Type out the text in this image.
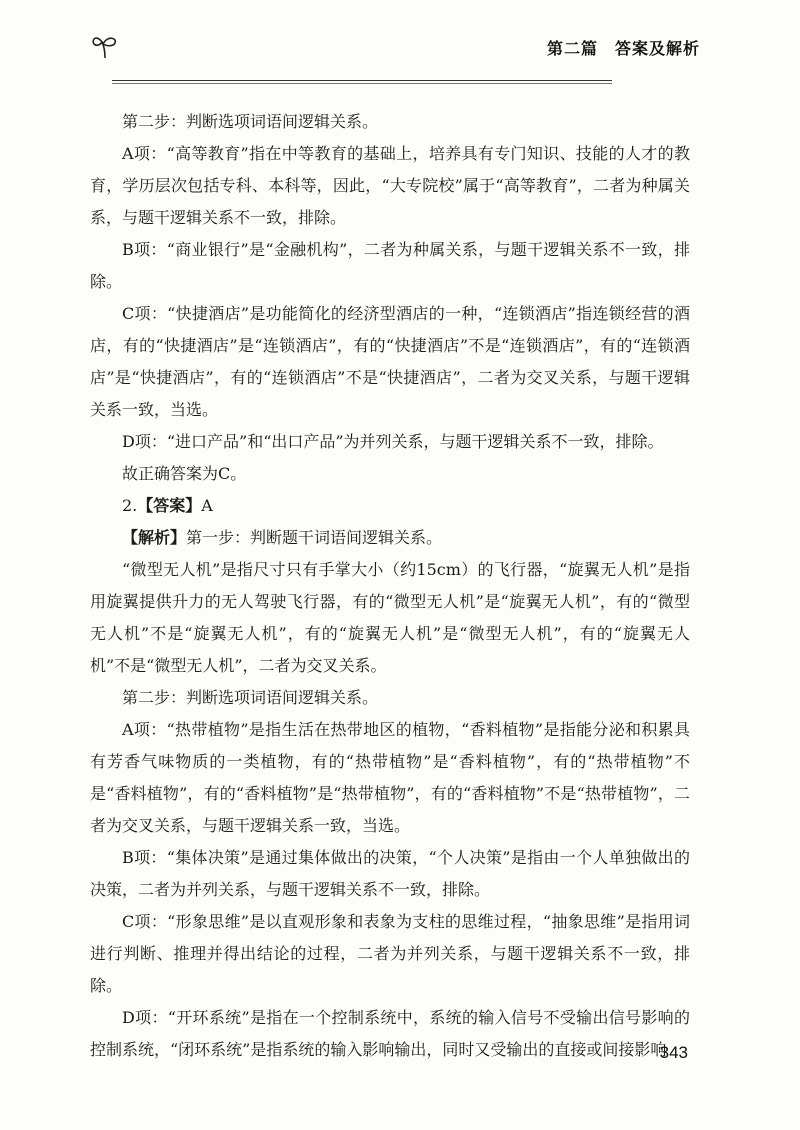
第二篇　答案及解析

第二步：判断选项词语间逻辑关系。

A项：“高等教育”指在中等教育的基础上，培养具有专门知识、技能的人才的教育，学历层次包括专科、本科等，因此，“大专院校”属于“高等教育”，二者为种属关系，与题干逻辑关系不一致，排除。

B项：“商业银行”是“金融机构”，二者为种属关系，与题干逻辑关系不一致，排除。

C项：“快捷酒店”是功能简化的经济型酒店的一种，“连锁酒店”指连锁经营的酒店，有的“快捷酒店”是“连锁酒店”，有的“快捷酒店”不是“连锁酒店”，有的“连锁酒店”是“快捷酒店”，有的“连锁酒店”不是“快捷酒店”，二者为交叉关系，与题干逻辑关系一致，当选。

D项：“进口产品”和“出口产品”为并列关系，与题干逻辑关系不一致，排除。

故正确答案为C。

2.【答案】A

【解析】第一步：判断题干词语间逻辑关系。

“微型无人机”是指尺寸只有手掌大小（约15cm）的飞行器，“旋翼无人机”是指用旋翼提供升力的无人驾驶飞行器，有的“微型无人机”是“旋翼无人机”，有的“微型无人机”不是“旋翼无人机”，有的“旋翼无人机”是“微型无人机”，有的“旋翼无人机”不是“微型无人机”，二者为交叉关系。

第二步：判断选项词语间逻辑关系。

A项：“热带植物”是指生活在热带地区的植物，“香料植物”是指能分泌和积累具有芳香气味物质的一类植物，有的“热带植物”是“香料植物”，有的“热带植物”不是“香料植物”，有的“香料植物”是“热带植物”，有的“香料植物”不是“热带植物”，二者为交叉关系，与题干逻辑关系一致，当选。

B项：“集体决策”是通过集体做出的决策，“个人决策”是指由一个人单独做出的决策，二者为并列关系，与题干逻辑关系不一致，排除。

C项：“形象思维”是以直观形象和表象为支柱的思维过程，“抽象思维”是指用词进行判断、推理并得出结论的过程，二者为并列关系，与题干逻辑关系不一致，排除。

D项：“开环系统”是指在一个控制系统中，系统的输入信号不受输出信号影响的控制系统，“闭环系统”是指系统的输入影响输出，同时又受输出的直接或间接影响

343
